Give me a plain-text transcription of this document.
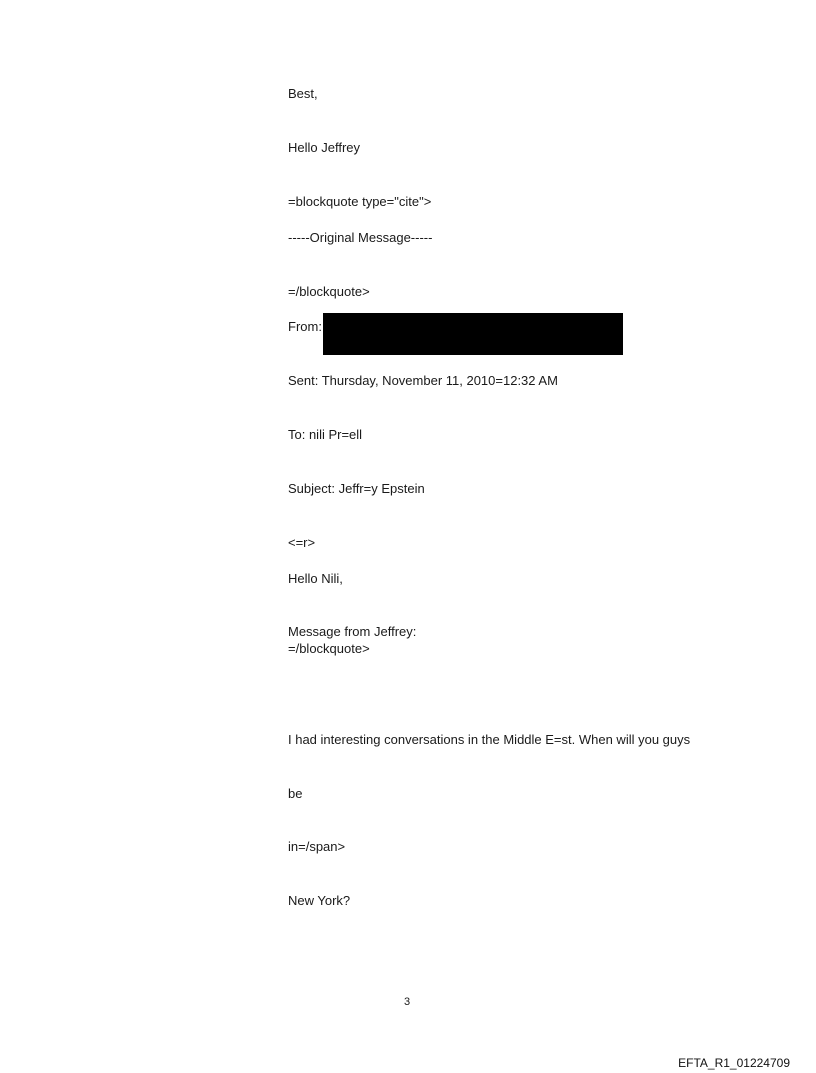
Best,
Hello Jeffrey
=blockquote type="cite">
-----Original Message-----
=/blockquote>
From:
Sent: Thursday, November 11, 2010=12:32 AM
To: nili Pr=ell
Subject: Jeffr=y Epstein
<=r>
Hello Nili,
Message from Jeffrey:
=/blockquote>
I had interesting conversations in the Middle E=st. When will you guys
be
in=/span>
New York?
3
EFTA_R1_01224709
